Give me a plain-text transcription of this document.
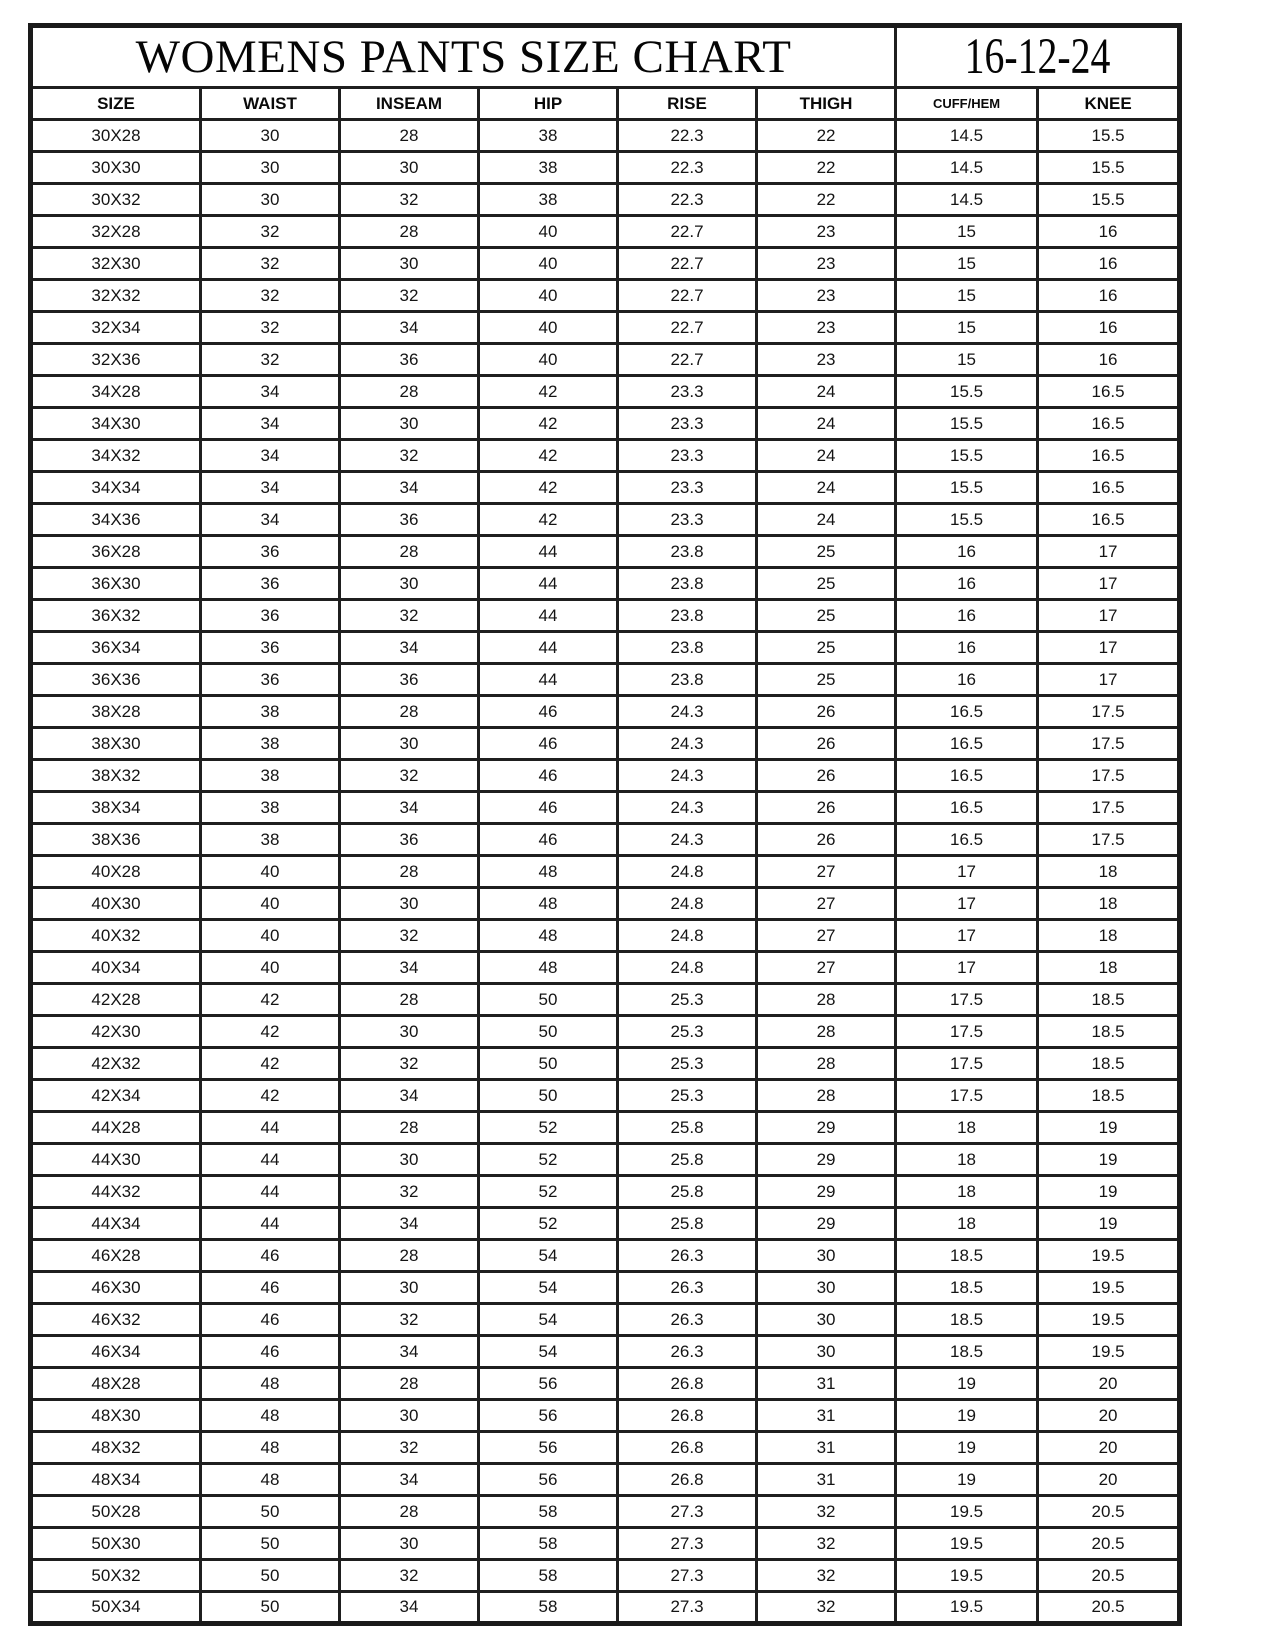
WOMENS PANTS SIZE CHART						16-12-24	
SIZE	WAIST	INSEAM	HIP	RISE	THIGH	CUFF/HEM	KNEE
30X28	30	28	38	22.3	22	14.5	15.5
30X30	30	30	38	22.3	22	14.5	15.5
30X32	30	32	38	22.3	22	14.5	15.5
32X28	32	28	40	22.7	23	15	16
32X30	32	30	40	22.7	23	15	16
32X32	32	32	40	22.7	23	15	16
32X34	32	34	40	22.7	23	15	16
32X36	32	36	40	22.7	23	15	16
34X28	34	28	42	23.3	24	15.5	16.5
34X30	34	30	42	23.3	24	15.5	16.5
34X32	34	32	42	23.3	24	15.5	16.5
34X34	34	34	42	23.3	24	15.5	16.5
34X36	34	36	42	23.3	24	15.5	16.5
36X28	36	28	44	23.8	25	16	17
36X30	36	30	44	23.8	25	16	17
36X32	36	32	44	23.8	25	16	17
36X34	36	34	44	23.8	25	16	17
36X36	36	36	44	23.8	25	16	17
38X28	38	28	46	24.3	26	16.5	17.5
38X30	38	30	46	24.3	26	16.5	17.5
38X32	38	32	46	24.3	26	16.5	17.5
38X34	38	34	46	24.3	26	16.5	17.5
38X36	38	36	46	24.3	26	16.5	17.5
40X28	40	28	48	24.8	27	17	18
40X30	40	30	48	24.8	27	17	18
40X32	40	32	48	24.8	27	17	18
40X34	40	34	48	24.8	27	17	18
42X28	42	28	50	25.3	28	17.5	18.5
42X30	42	30	50	25.3	28	17.5	18.5
42X32	42	32	50	25.3	28	17.5	18.5
42X34	42	34	50	25.3	28	17.5	18.5
44X28	44	28	52	25.8	29	18	19
44X30	44	30	52	25.8	29	18	19
44X32	44	32	52	25.8	29	18	19
44X34	44	34	52	25.8	29	18	19
46X28	46	28	54	26.3	30	18.5	19.5
46X30	46	30	54	26.3	30	18.5	19.5
46X32	46	32	54	26.3	30	18.5	19.5
46X34	46	34	54	26.3	30	18.5	19.5
48X28	48	28	56	26.8	31	19	20
48X30	48	30	56	26.8	31	19	20
48X32	48	32	56	26.8	31	19	20
48X34	48	34	56	26.8	31	19	20
50X28	50	28	58	27.3	32	19.5	20.5
50X30	50	30	58	27.3	32	19.5	20.5
50X32	50	32	58	27.3	32	19.5	20.5
50X34	50	34	58	27.3	32	19.5	20.5
